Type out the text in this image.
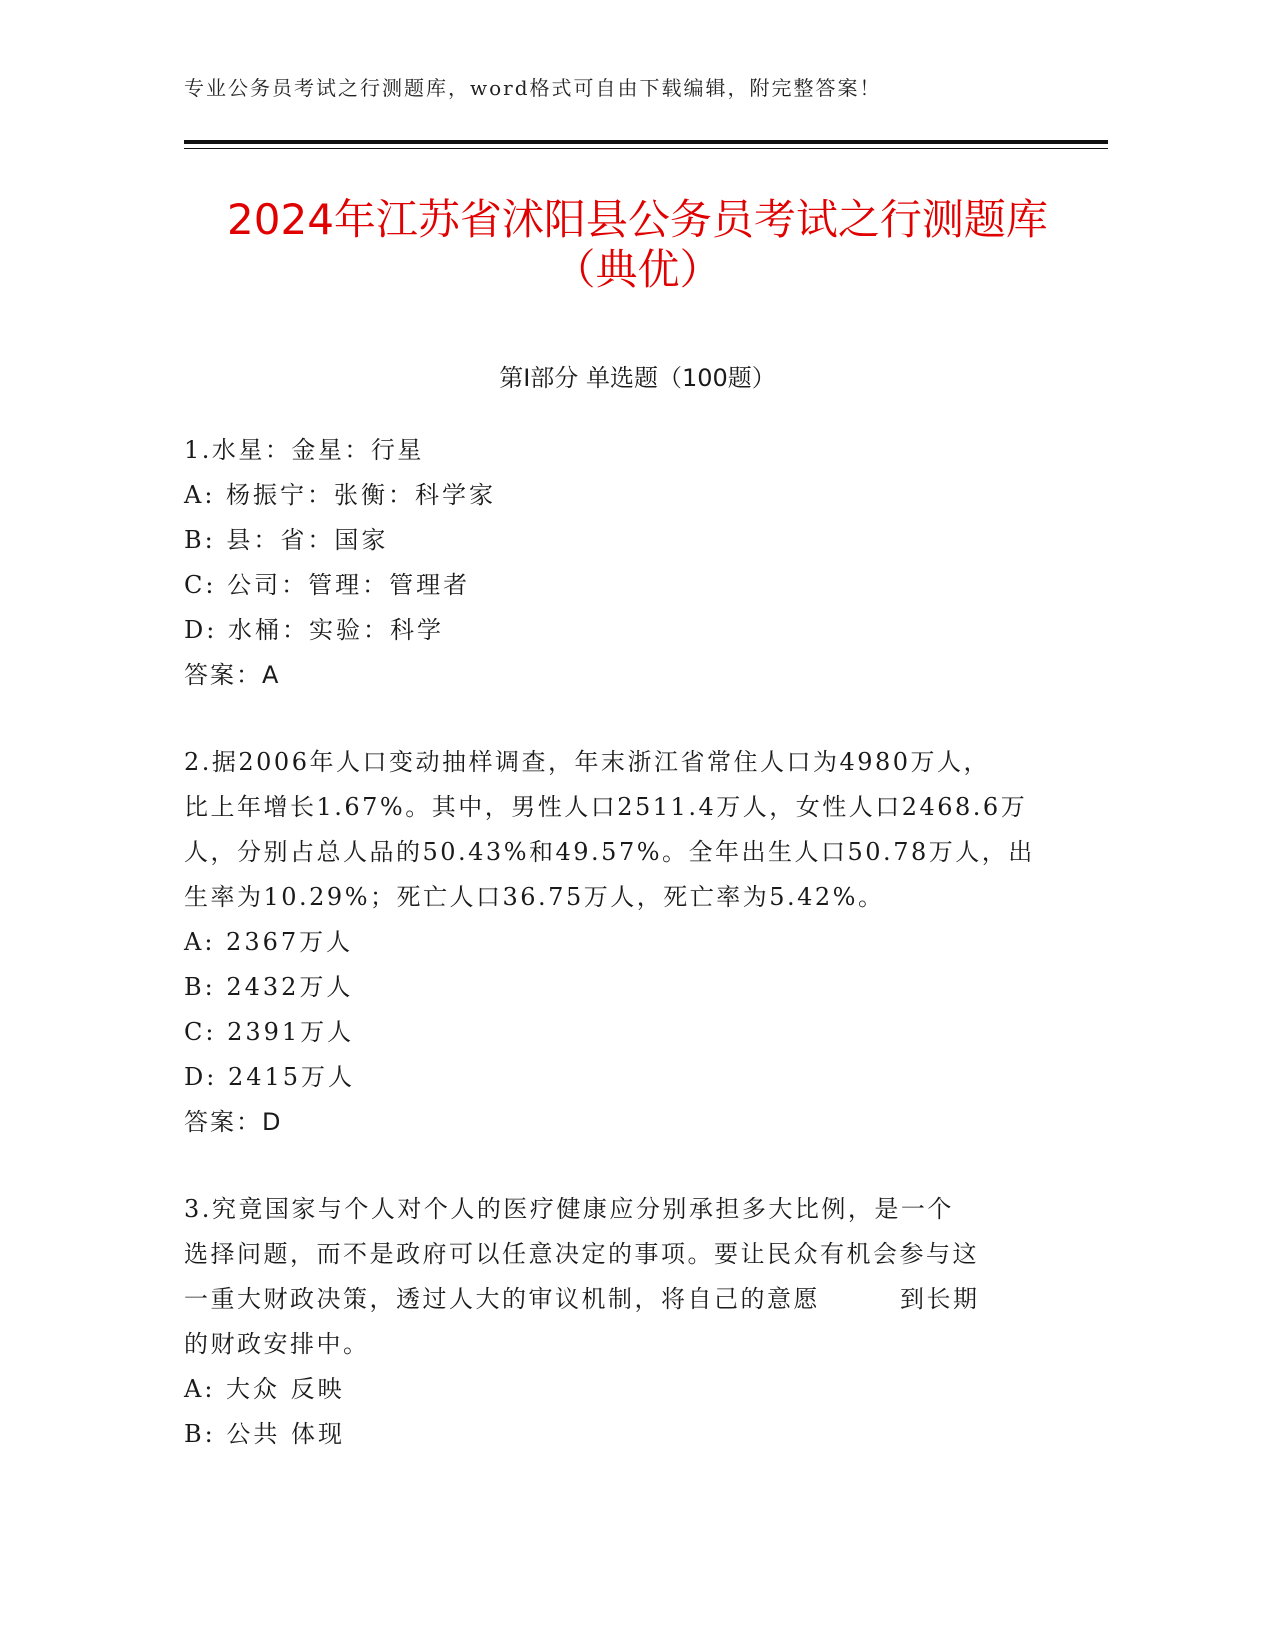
专业公务员考试之行测题库，word格式可自由下载编辑，附完整答案！
2024年江苏省沭阳县公务员考试之行测题库
（典优）
第Ⅰ部分 单选题（100题）
1.水星：金星：行星
A: 杨振宁：张衡：科学家
B: 县：省：国家
C: 公司：管理：管理者
D: 水桶：实验：科学
答案：A
2.据2006年人口变动抽样调查，年末浙江省常住人口为4980万人，
比上年增长1.67%。其中，男性人口2511.4万人，女性人口2468.6万
人，分别占总人品的50.43%和49.57%。全年出生人口50.78万人，出
生率为10.29%；死亡人口36.75万人，死亡率为5.42%。
A: 2367万人
B: 2432万人
C: 2391万人
D: 2415万人
答案：D
3.究竟国家与个人对个人的医疗健康应分别承担多大比例，是一个
选择问题，而不是政府可以任意决定的事项。要让民众有机会参与这
一重大财政决策，透过人大的审议机制，将自己的意愿	到长期
的财政安排中。
A: 大众 反映
B: 公共 体现
